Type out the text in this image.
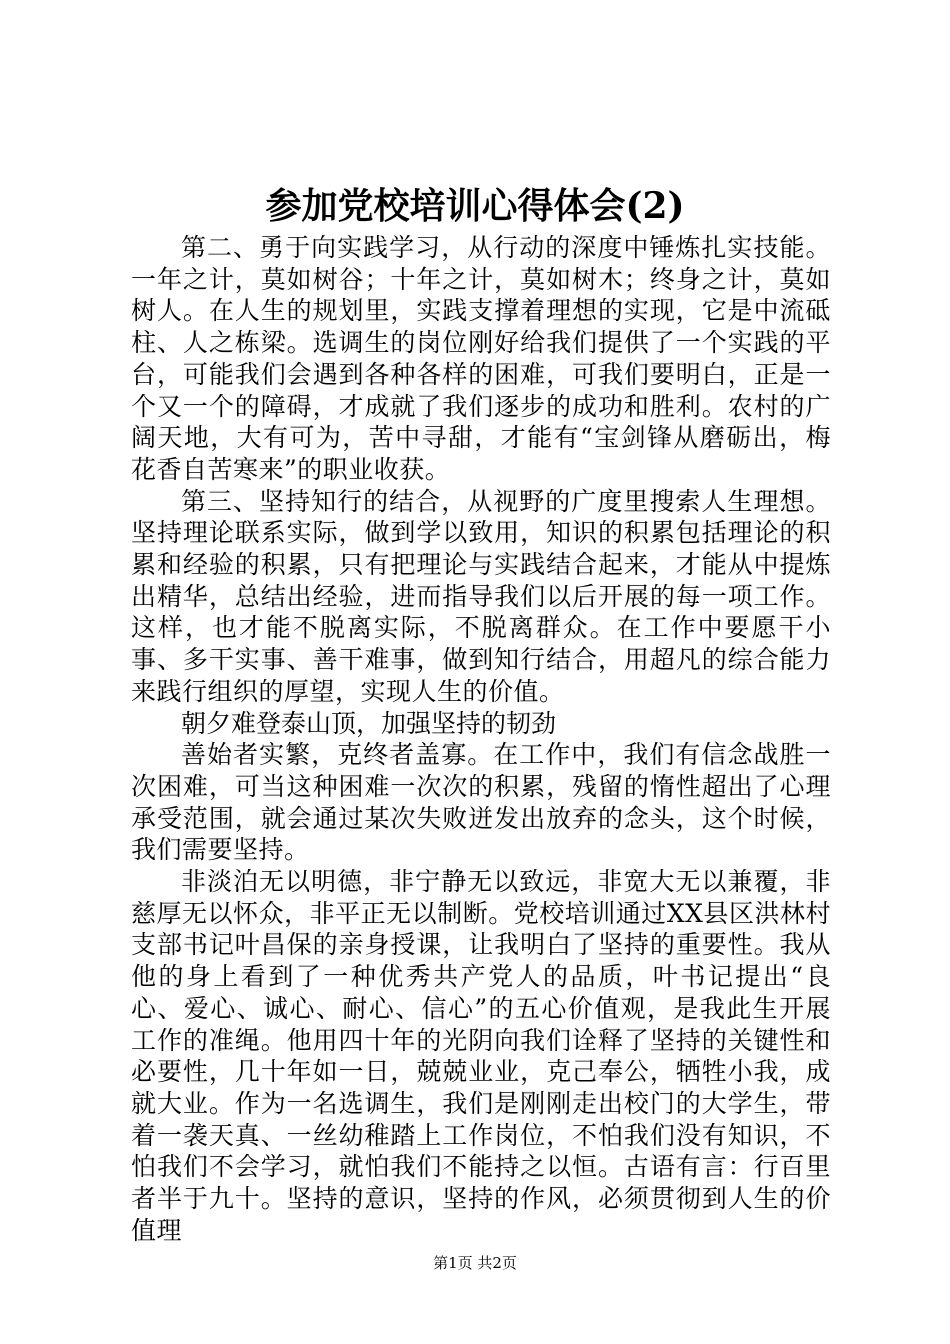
参加党校培训心得体会(2)

第二、勇于向实践学习，从行动的深度中锤炼扎实技能。一年之计，莫如树谷；十年之计，莫如树木；终身之计，莫如树人。在人生的规划里，实践支撑着理想的实现，它是中流砥柱、人之栋梁。选调生的岗位刚好给我们提供了一个实践的平台，可能我们会遇到各种各样的困难，可我们要明白，正是一个又一个的障碍，才成就了我们逐步的成功和胜利。农村的广阔天地，大有可为，苦中寻甜，才能有“宝剑锋从磨砺出，梅花香自苦寒来”的职业收获。

第三、坚持知行的结合，从视野的广度里搜索人生理想。坚持理论联系实际，做到学以致用，知识的积累包括理论的积累和经验的积累，只有把理论与实践结合起来，才能从中提炼出精华，总结出经验，进而指导我们以后开展的每一项工作。这样，也才能不脱离实际，不脱离群众。在工作中要愿干小事、多干实事、善干难事，做到知行结合，用超凡的综合能力来践行组织的厚望，实现人生的价值。

朝夕难登泰山顶，加强坚持的韧劲

善始者实繁，克终者盖寡。在工作中，我们有信念战胜一次困难，可当这种困难一次次的积累，残留的惰性超出了心理承受范围，就会通过某次失败迸发出放弃的念头，这个时候，我们需要坚持。

非淡泊无以明德，非宁静无以致远，非宽大无以兼覆，非慈厚无以怀众，非平正无以制断。党校培训通过XX县区洪林村支部书记叶昌保的亲身授课，让我明白了坚持的重要性。我从他的身上看到了一种优秀共产党人的品质，叶书记提出“良心、爱心、诚心、耐心、信心”的五心价值观，是我此生开展工作的准绳。他用四十年的光阴向我们诠释了坚持的关键性和必要性，几十年如一日，兢兢业业，克己奉公，牺牲小我，成就大业。作为一名选调生，我们是刚刚走出校门的大学生，带着一袭天真、一丝幼稚踏上工作岗位，不怕我们没有知识，不怕我们不会学习，就怕我们不能持之以恒。古语有言：行百里者半于九十。坚持的意识，坚持的作风，必须贯彻到人生的价值理

第1页 共2页
